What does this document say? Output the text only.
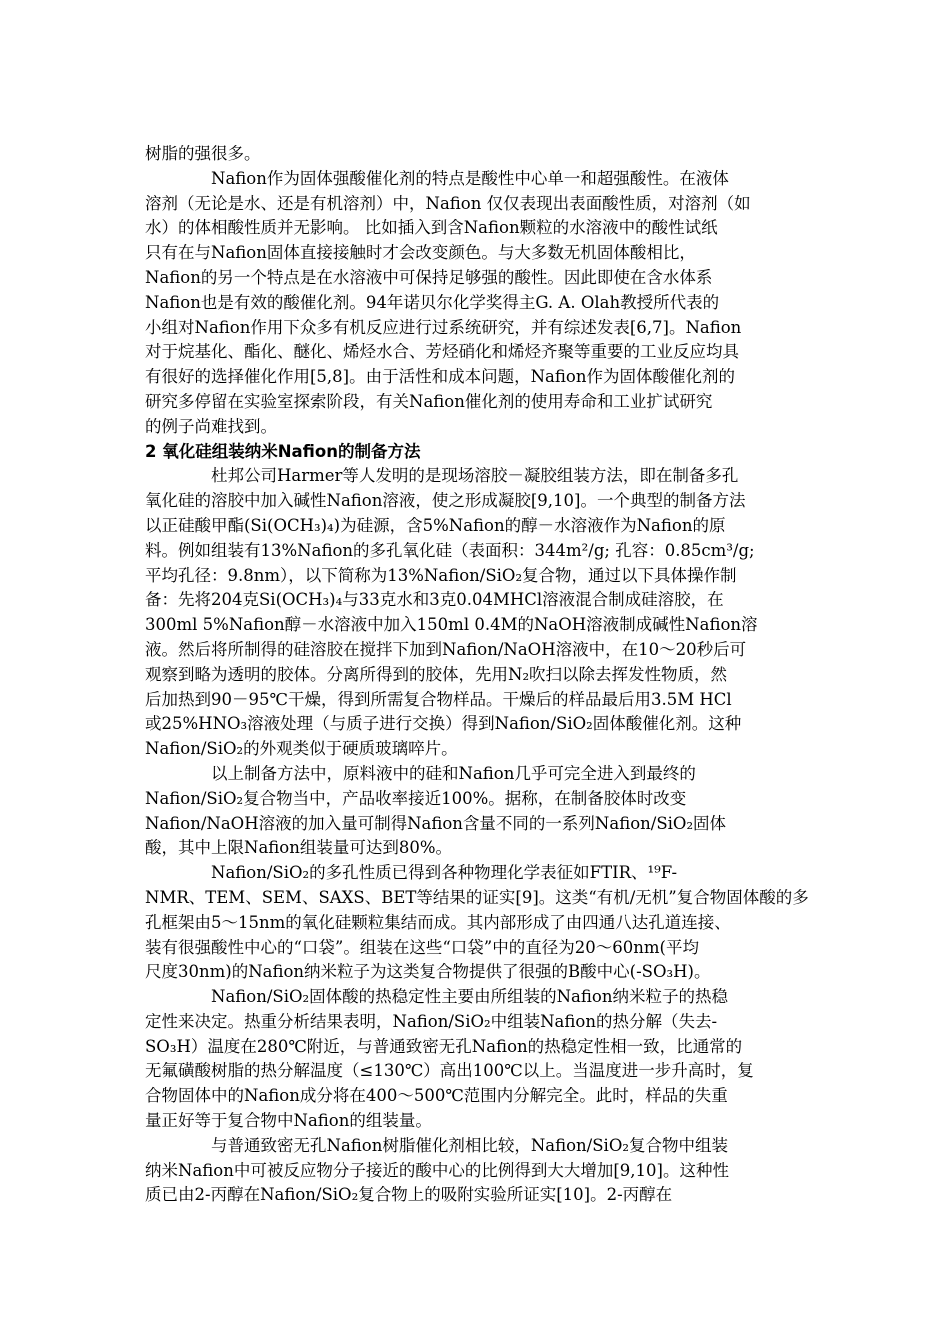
树脂的强很多。
Nafion作为固体强酸催化剂的特点是酸性中心单一和超强酸性。在液体
溶剂（无论是水、还是有机溶剂）中，Nafion 仅仅表现出表面酸性质，对溶剂（如
水）的体相酸性质并无影响。 比如插入到含Nafion颗粒的水溶液中的酸性试纸
只有在与Nafion固体直接接触时才会改变颜色。与大多数无机固体酸相比，
Nafion的另一个特点是在水溶液中可保持足够强的酸性。因此即使在含水体系
Nafion也是有效的酸催化剂。94年诺贝尔化学奖得主G. A. Olah教授所代表的
小组对Nafion作用下众多有机反应进行过系统研究，并有综述发表[6,7]。Nafion
对于烷基化、酯化、醚化、烯烃水合、芳烃硝化和烯烃齐聚等重要的工业反应均具
有很好的选择催化作用[5,8]。由于活性和成本问题，Nafion作为固体酸催化剂的
研究多停留在实验室探索阶段，有关Nafion催化剂的使用寿命和工业扩试研究
的例子尚难找到。
2 氧化硅组装纳米Nafion的制备方法
杜邦公司Harmer等人发明的是现场溶胶－凝胶组装方法，即在制备多孔
氧化硅的溶胶中加入碱性Nafion溶液，使之形成凝胶[9,10]。一个典型的制备方法
以正硅酸甲酯(Si(OCH₃)₄)为硅源，含5%Nafion的醇－水溶液作为Nafion的原
料。例如组装有13%Nafion的多孔氧化硅（表面积：344m²/g; 孔容：0.85cm³/g;
平均孔径：9.8nm），以下简称为13%Nafion/SiO₂复合物，通过以下具体操作制
备：先将204克Si(OCH₃)₄与33克水和3克0.04MHCl溶液混合制成硅溶胶，在
300ml 5%Nafion醇－水溶液中加入150ml 0.4M的NaOH溶液制成碱性Nafion溶
液。然后将所制得的硅溶胶在搅拌下加到Nafion/NaOH溶液中，在10～20秒后可
观察到略为透明的胶体。分离所得到的胶体，先用N₂吹扫以除去挥发性物质，然
后加热到90－95℃干燥，得到所需复合物样品。干燥后的样品最后用3.5M HCl
或25%HNO₃溶液处理（与质子进行交换）得到Nafion/SiO₂固体酸催化剂。这种
Nafion/SiO₂的外观类似于硬质玻璃啐片。
以上制备方法中，原料液中的硅和Nafion几乎可完全进入到最终的
Nafion/SiO₂复合物当中，产品收率接近100%。据称，在制备胶体时改变
Nafion/NaOH溶液的加入量可制得Nafion含量不同的一系列Nafion/SiO₂固体
酸，其中上限Nafion组装量可达到80%。
Nafion/SiO₂的多孔性质已得到各种物理化学表征如FTIR、¹⁹F-
NMR、TEM、SEM、SAXS、BET等结果的证实[9]。这类“有机/无机”复合物固体酸的多
孔框架由5～15nm的氧化硅颗粒集结而成。其内部形成了由四通八达孔道连接、
装有很强酸性中心的“口袋”。组装在这些“口袋”中的直径为20～60nm(平均
尺度30nm)的Nafion纳米粒子为这类复合物提供了很强的B酸中心(-SO₃H)。
Nafion/SiO₂固体酸的热稳定性主要由所组装的Nafion纳米粒子的热稳
定性来决定。热重分析结果表明，Nafion/SiO₂中组装Nafion的热分解（失去-
SO₃H）温度在280℃附近，与普通致密无孔Nafion的热稳定性相一致，比通常的
无氟磺酸树脂的热分解温度（≤130℃）高出100℃以上。当温度进一步升高时，复
合物固体中的Nafion成分将在400～500℃范围内分解完全。此时，样品的失重
量正好等于复合物中Nafion的组装量。
与普通致密无孔Nafion树脂催化剂相比较，Nafion/SiO₂复合物中组装
纳米Nafion中可被反应物分子接近的酸中心的比例得到大大增加[9,10]。这种性
质已由2-丙醇在Nafion/SiO₂复合物上的吸附实验所证实[10]。2-丙醇在
